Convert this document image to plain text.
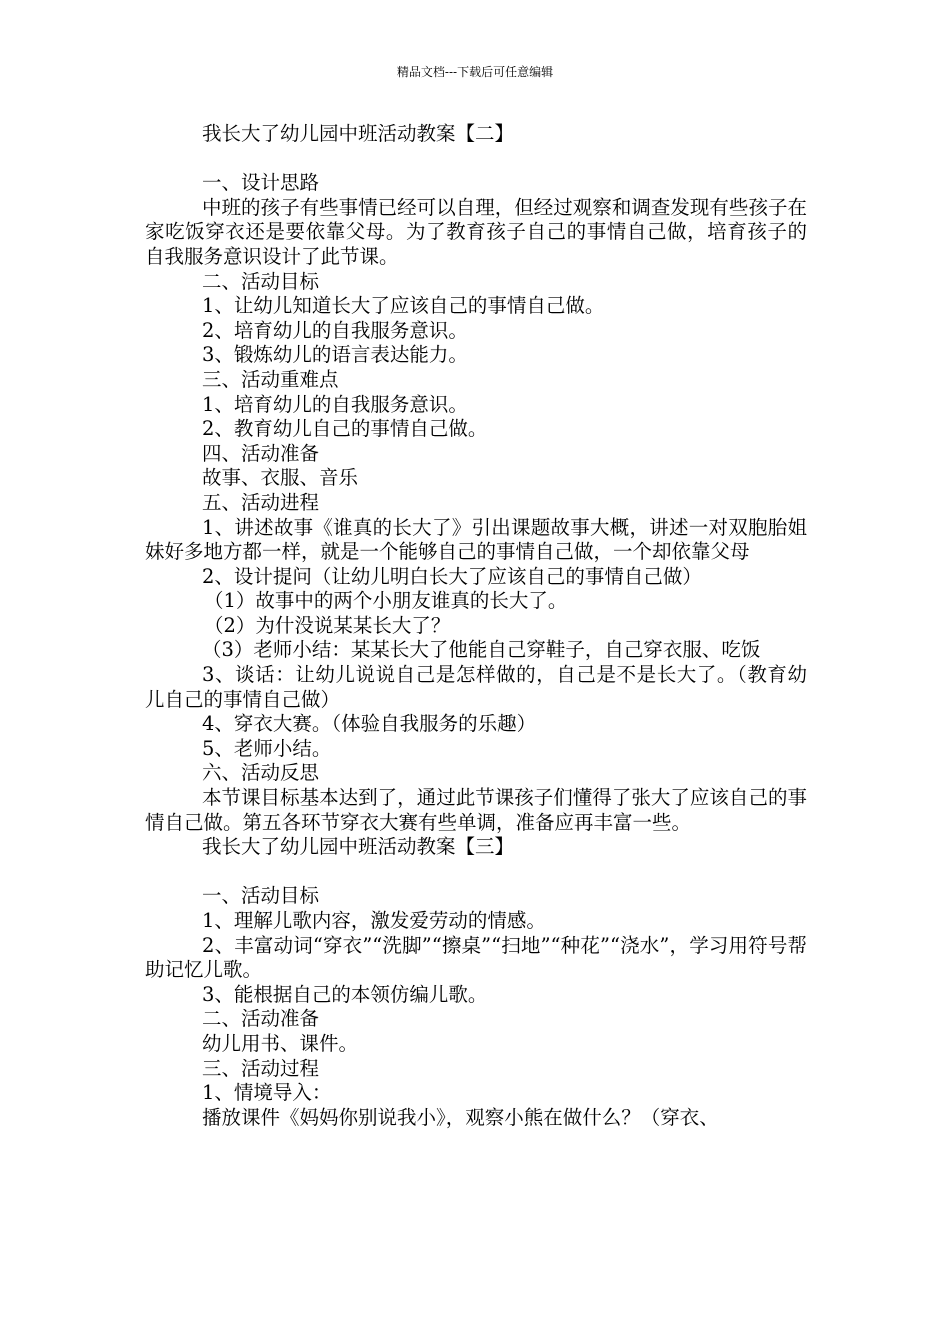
精品文档---下载后可任意编辑
我长大了幼儿园中班活动教案【二】
一、设计思路
中班的孩子有些事情已经可以自理，但经过观察和调查发现有些孩子在家吃饭穿衣还是要依靠父母。为了教育孩子自己的事情自己做，培育孩子的自我服务意识设计了此节课。
二、活动目标
1、让幼儿知道长大了应该自己的事情自己做。
2、培育幼儿的自我服务意识。
3、锻炼幼儿的语言表达能力。
三、活动重难点
1、培育幼儿的自我服务意识。
2、教育幼儿自己的事情自己做。
四、活动准备
故事、衣服、音乐
五、活动进程
1、讲述故事《谁真的长大了》引出课题故事大概，讲述一对双胞胎姐妹好多地方都一样，就是一个能够自己的事情自己做，一个却依靠父母
2、设计提问（让幼儿明白长大了应该自己的事情自己做）
（1）故事中的两个小朋友谁真的长大了。
（2）为什没说某某长大了？
（3）老师小结：某某长大了他能自己穿鞋子，自己穿衣服、吃饭
3、谈话：让幼儿说说自己是怎样做的，自己是不是长大了。（教育幼儿自己的事情自己做）
4、穿衣大赛。（体验自我服务的乐趣）
5、老师小结。
六、活动反思
本节课目标基本达到了，通过此节课孩子们懂得了张大了应该自己的事情自己做。第五各环节穿衣大赛有些单调，准备应再丰富一些。
我长大了幼儿园中班活动教案【三】
一、活动目标
1、理解儿歌内容，激发爱劳动的情感。
2、丰富动词“穿衣”“洗脚”“擦桌”“扫地”“种花”“浇水”，学习用符号帮助记忆儿歌。
3、能根据自己的本领仿编儿歌。
二、活动准备
幼儿用书、课件。
三、活动过程
1、情境导入：
播放课件《妈妈你别说我小》，观察小熊在做什么？（穿衣、
